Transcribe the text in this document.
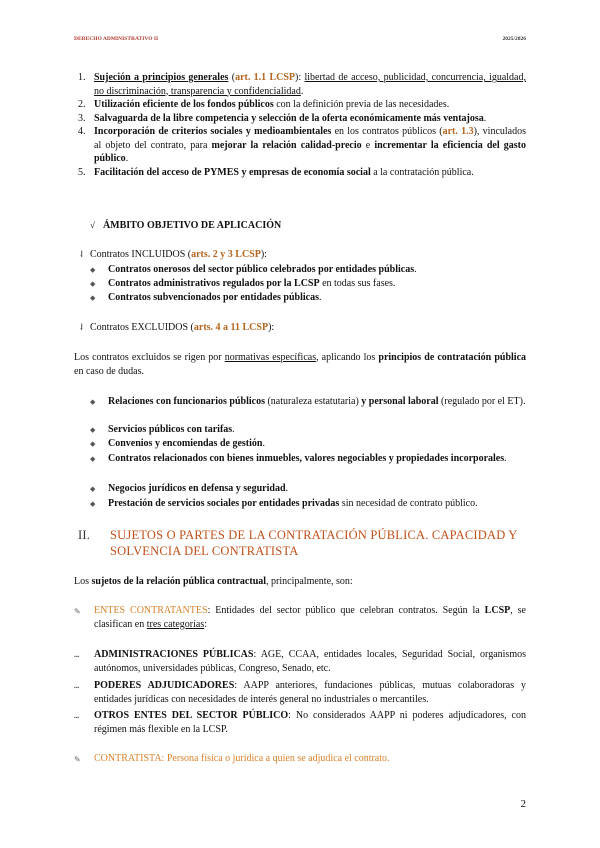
DERECHO ADMINISTRATIVO II	2025/2026
1. Sujeción a principios generales (art. 1.1 LCSP): libertad de acceso, publicidad, concurrencia, igualdad, no discriminación, transparencia y confidencialidad.
2. Utilización eficiente de los fondos públicos con la definición previa de las necesidades.
3. Salvaguarda de la libre competencia y selección de la oferta económicamente más ventajosa.
4. Incorporación de criterios sociales y medioambientales en los contratos públicos (art. 1.3), vinculados al objeto del contrato, para mejorar la relación calidad-precio e incrementar la eficiencia del gasto público.
5. Facilitación del acceso de PYMES y empresas de economía social a la contratación pública.
√ ÁMBITO OBJETIVO DE APLICACIÓN
⇃ Contratos INCLUIDOS (arts. 2 y 3 LCSP):
◆	Contratos onerosos del sector público celebrados por entidades públicas.
◆	Contratos administrativos regulados por la LCSP en todas sus fases.
◆	Contratos subvencionados por entidades públicas.
⇃ Contratos EXCLUIDOS (arts. 4 a 11 LCSP):
Los contratos excluidos se rigen por normativas específicas, aplicando los principios de contratación pública en caso de dudas.
◆	Relaciones con funcionarios públicos (naturaleza estatutaria) y personal laboral (regulado por el ET).
◆	Servicios públicos con tarifas.
◆	Convenios y encomiendas de gestión.
◆	Contratos relacionados con bienes inmuebles, valores negociables y propiedades incorporales.
◆	Negocios jurídicos en defensa y seguridad.
◆	Prestación de servicios sociales por entidades privadas sin necesidad de contrato público.
II.	SUJETOS O PARTES DE LA CONTRATACIÓN PÚBLICA. CAPACIDAD Y SOLVENCIA DEL CONTRATISTA
Los sujetos de la relación pública contractual, principalmente, son:
✎	ENTES CONTRATANTES: Entidades del sector público que celebran contratos. Según la LCSP, se clasifican en tres categorías:
▪▪▪	ADMINISTRACIONES PÚBLICAS: AGE, CCAA, entidades locales, Seguridad Social, organismos autónomos, universidades públicas, Congreso, Senado, etc.
▪▪▪	PODERES ADJUDICADORES: AAPP anteriores, fundaciones públicas, mutuas colaboradoras y entidades jurídicas con necesidades de interés general no industriales o mercantiles.
▪▪▪	OTROS ENTES DEL SECTOR PÚBLICO: No considerados AAPP ni poderes adjudicadores, con régimen más flexible en la LCSP.
✎	CONTRATISTA: Persona física o jurídica a quien se adjudica el contrato.
2
